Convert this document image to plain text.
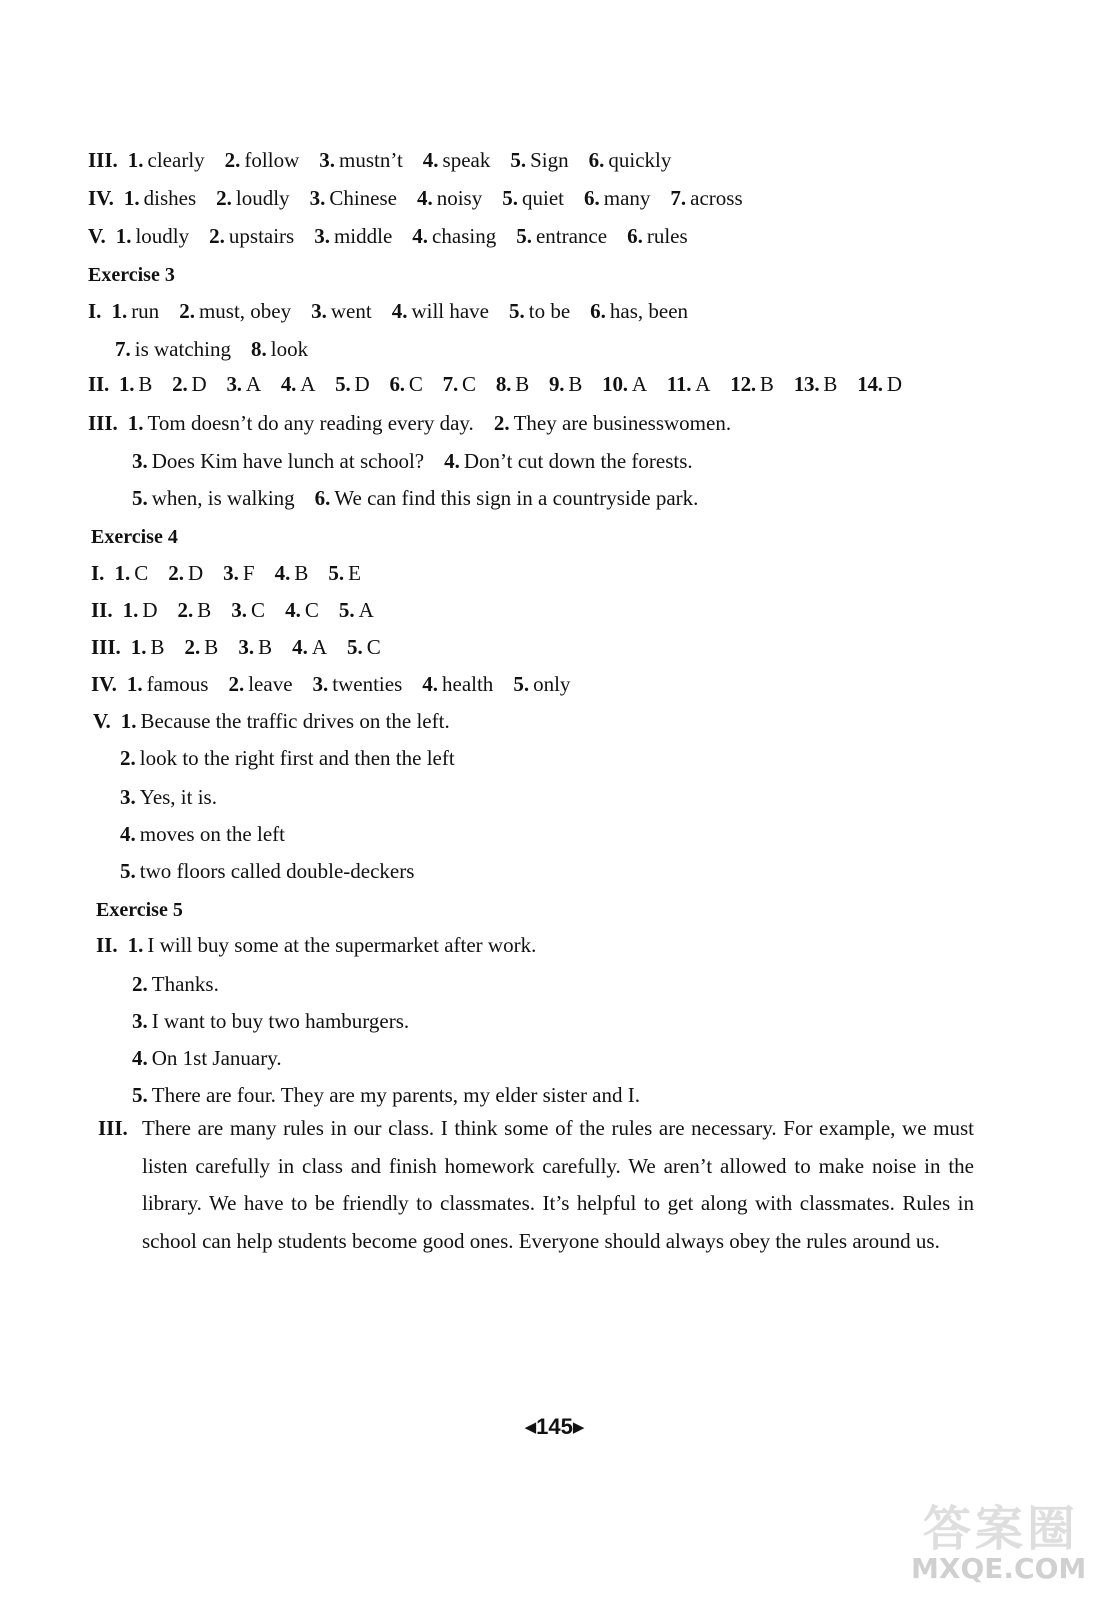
III. 1. clearly 2. follow 3. mustn’t 4. speak 5. Sign 6. quickly
IV. 1. dishes 2. loudly 3. Chinese 4. noisy 5. quiet 6. many 7. across
V. 1. loudly 2. upstairs 3. middle 4. chasing 5. entrance 6. rules
Exercise 3
I. 1. run 2. must, obey 3. went 4. will have 5. to be 6. has, been
7. is watching 8. look
II. 1. B 2. D 3. A 4. A 5. D 6. C 7. C 8. B 9. B 10. A 11. A 12. B 13. B 14. D
III. 1. Tom doesn’t do any reading every day. 2. They are businesswomen.
3. Does Kim have lunch at school? 4. Don’t cut down the forests.
5. when, is walking 6. We can find this sign in a countryside park.
Exercise 4
I. 1. C 2. D 3. F 4. B 5. E
II. 1. D 2. B 3. C 4. C 5. A
III. 1. B 2. B 3. B 4. A 5. C
IV. 1. famous 2. leave 3. twenties 4. health 5. only
V. 1. Because the traffic drives on the left.
2. look to the right first and then the left
3. Yes, it is.
4. moves on the left
5. two floors called double-deckers
Exercise 5
II. 1. I will buy some at the supermarket after work.
2. Thanks.
3. I want to buy two hamburgers.
4. On 1st January.
5. There are four. They are my parents, my elder sister and I.
III. There are many rules in our class. I think some of the rules are necessary. For example, we must listen carefully in class and finish homework carefully. We aren’t allowed to make noise in the library. We have to be friendly to classmates. It’s helpful to get along with classmates. Rules in school can help students become good ones. Everyone should always obey the rules around us.
◀145▶
答案圈
MXQE.COM
